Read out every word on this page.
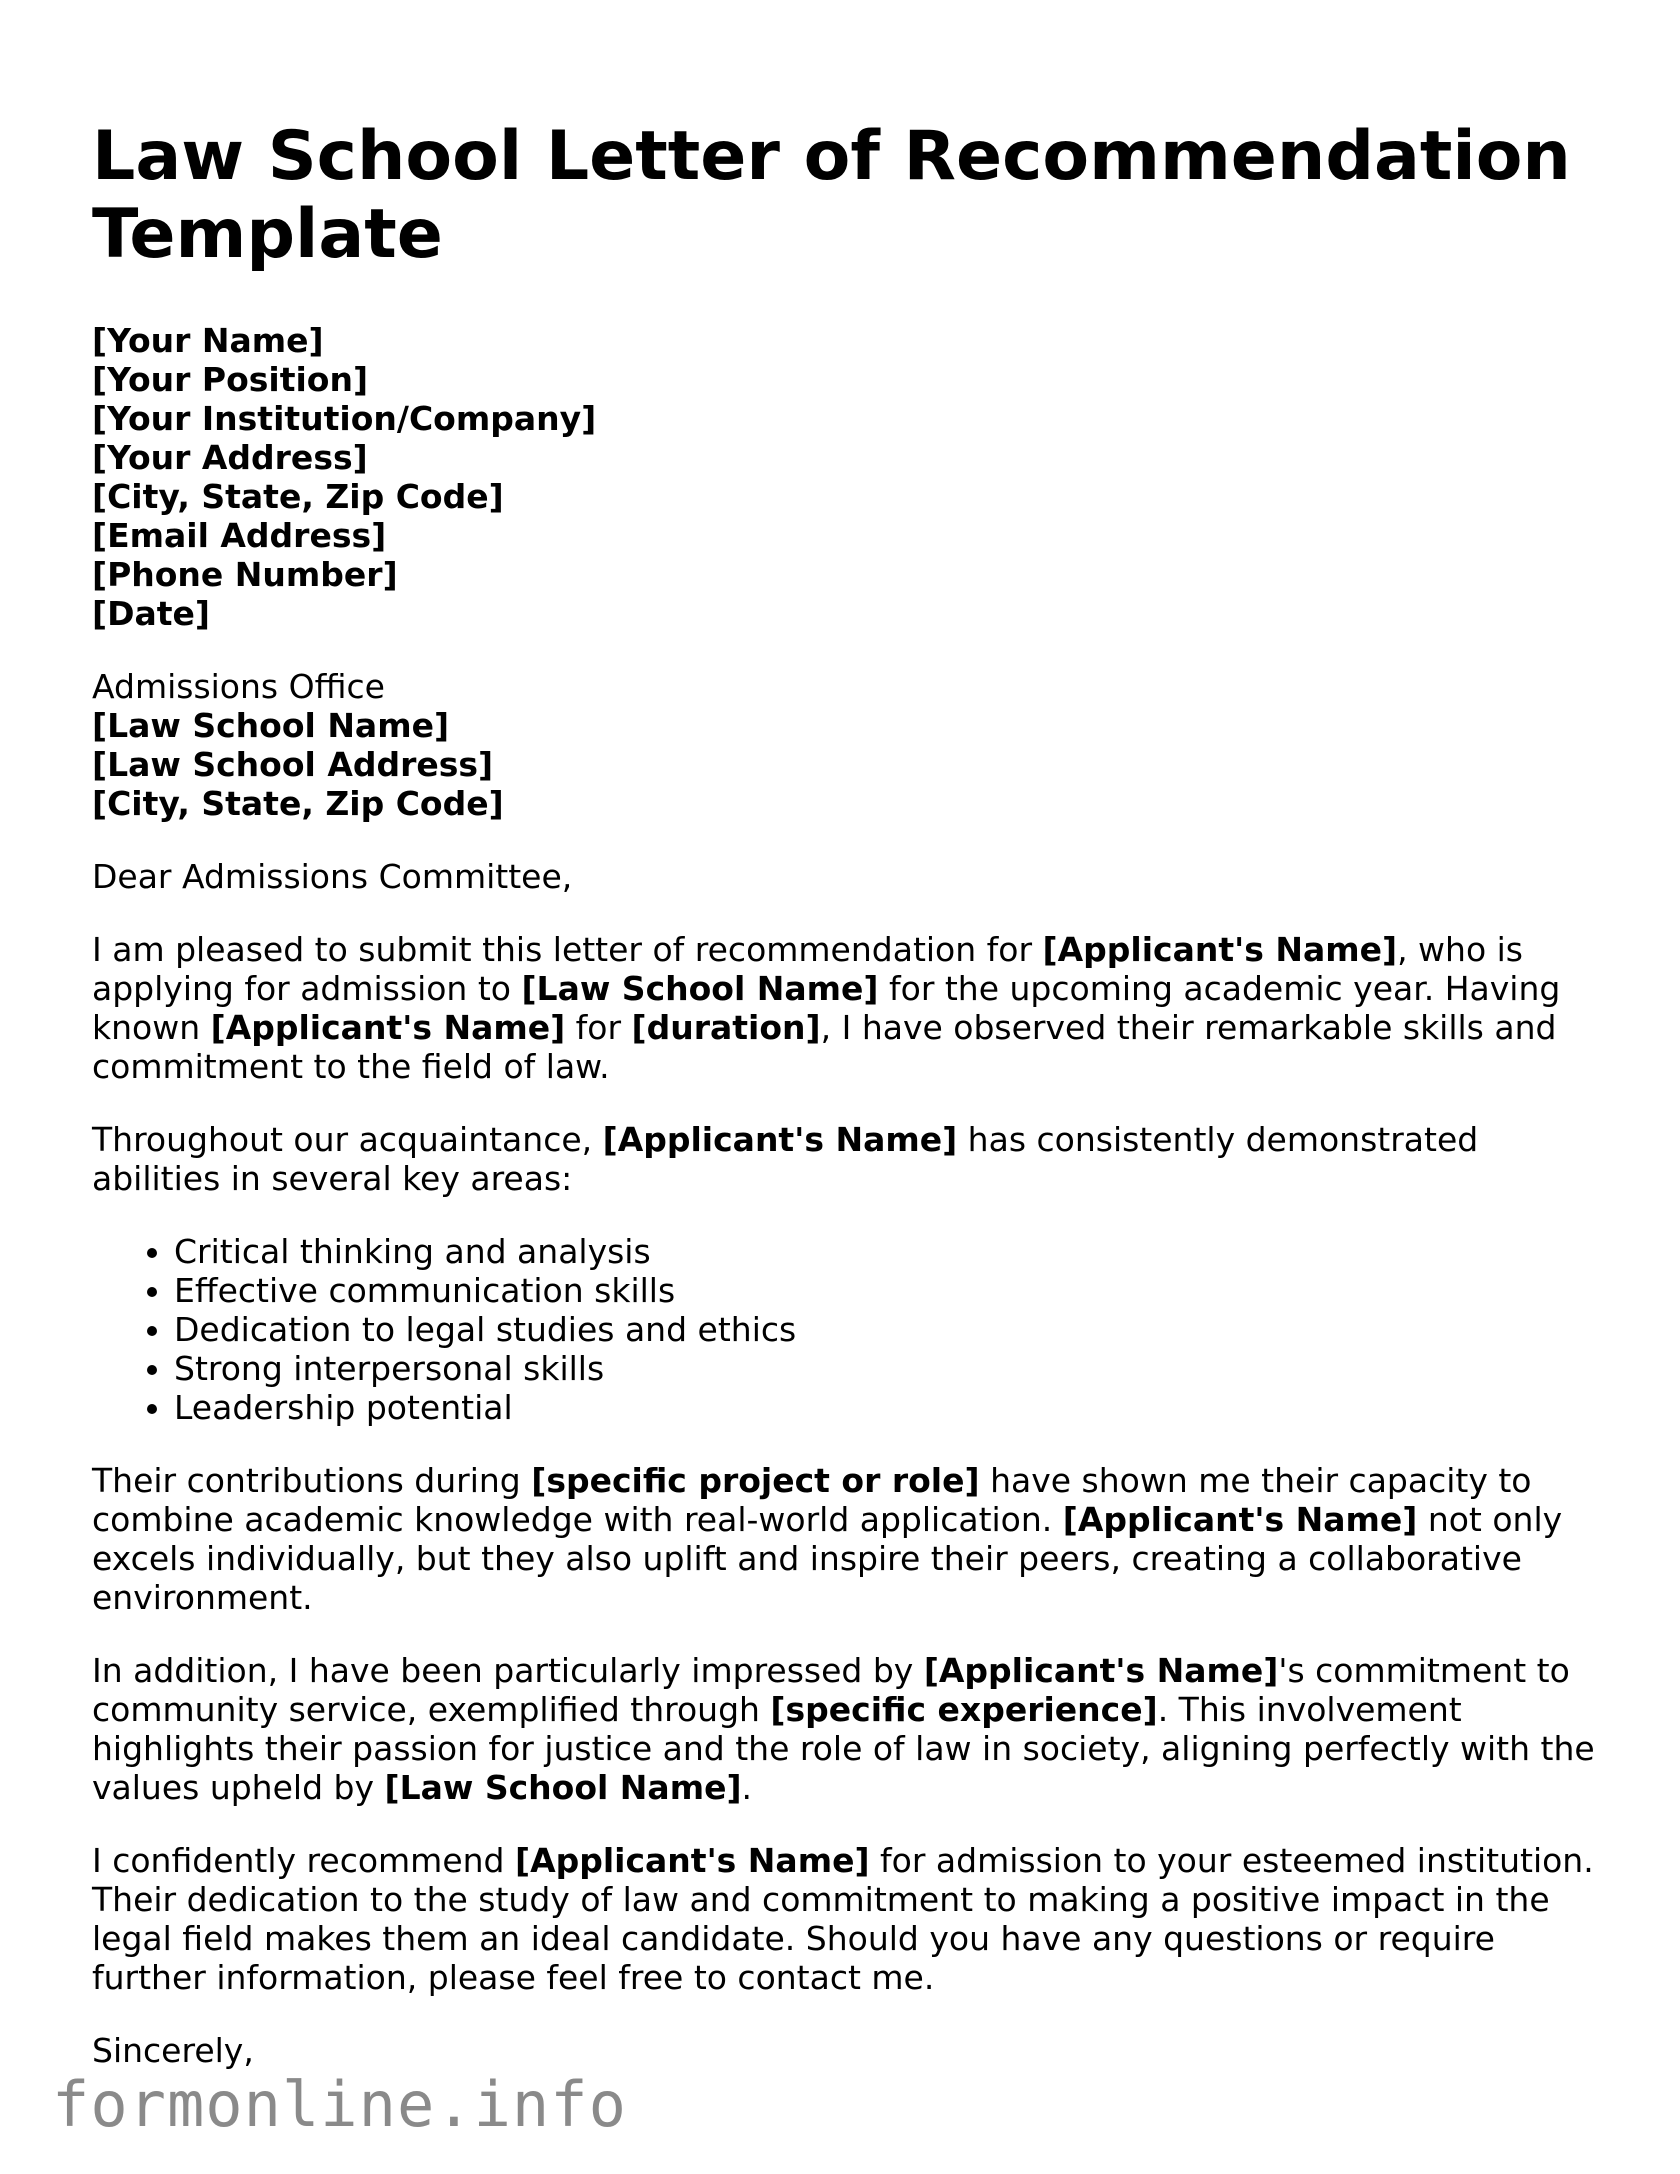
Law School Letter of Recommendation Template
[Your Name]
[Your Position]
[Your Institution/Company]
[Your Address]
[City, State, Zip Code]
[Email Address]
[Phone Number]
[Date]
Admissions Office
[Law School Name]
[Law School Address]
[City, State, Zip Code]

Dear Admissions Committee,

I am pleased to submit this letter of recommendation for [Applicant's Name], who is applying for admission to [Law School Name] for the upcoming academic year. Having known [Applicant's Name] for [duration], I have observed their remarkable skills and commitment to the field of law.

Throughout our acquaintance, [Applicant's Name] has consistently demonstrated abilities in several key areas:

• Critical thinking and analysis
• Effective communication skills
• Dedication to legal studies and ethics
• Strong interpersonal skills
• Leadership potential

Their contributions during [specific project or role] have shown me their capacity to combine academic knowledge with real-world application. [Applicant's Name] not only excels individually, but they also uplift and inspire their peers, creating a collaborative environment.

In addition, I have been particularly impressed by [Applicant's Name]'s commitment to community service, exemplified through [specific experience]. This involvement highlights their passion for justice and the role of law in society, aligning perfectly with the values upheld by [Law School Name].

I confidently recommend [Applicant's Name] for admission to your esteemed institution. Their dedication to the study of law and commitment to making a positive impact in the legal field makes them an ideal candidate. Should you have any questions or require further information, please feel free to contact me.

Sincerely,

formonline.info
